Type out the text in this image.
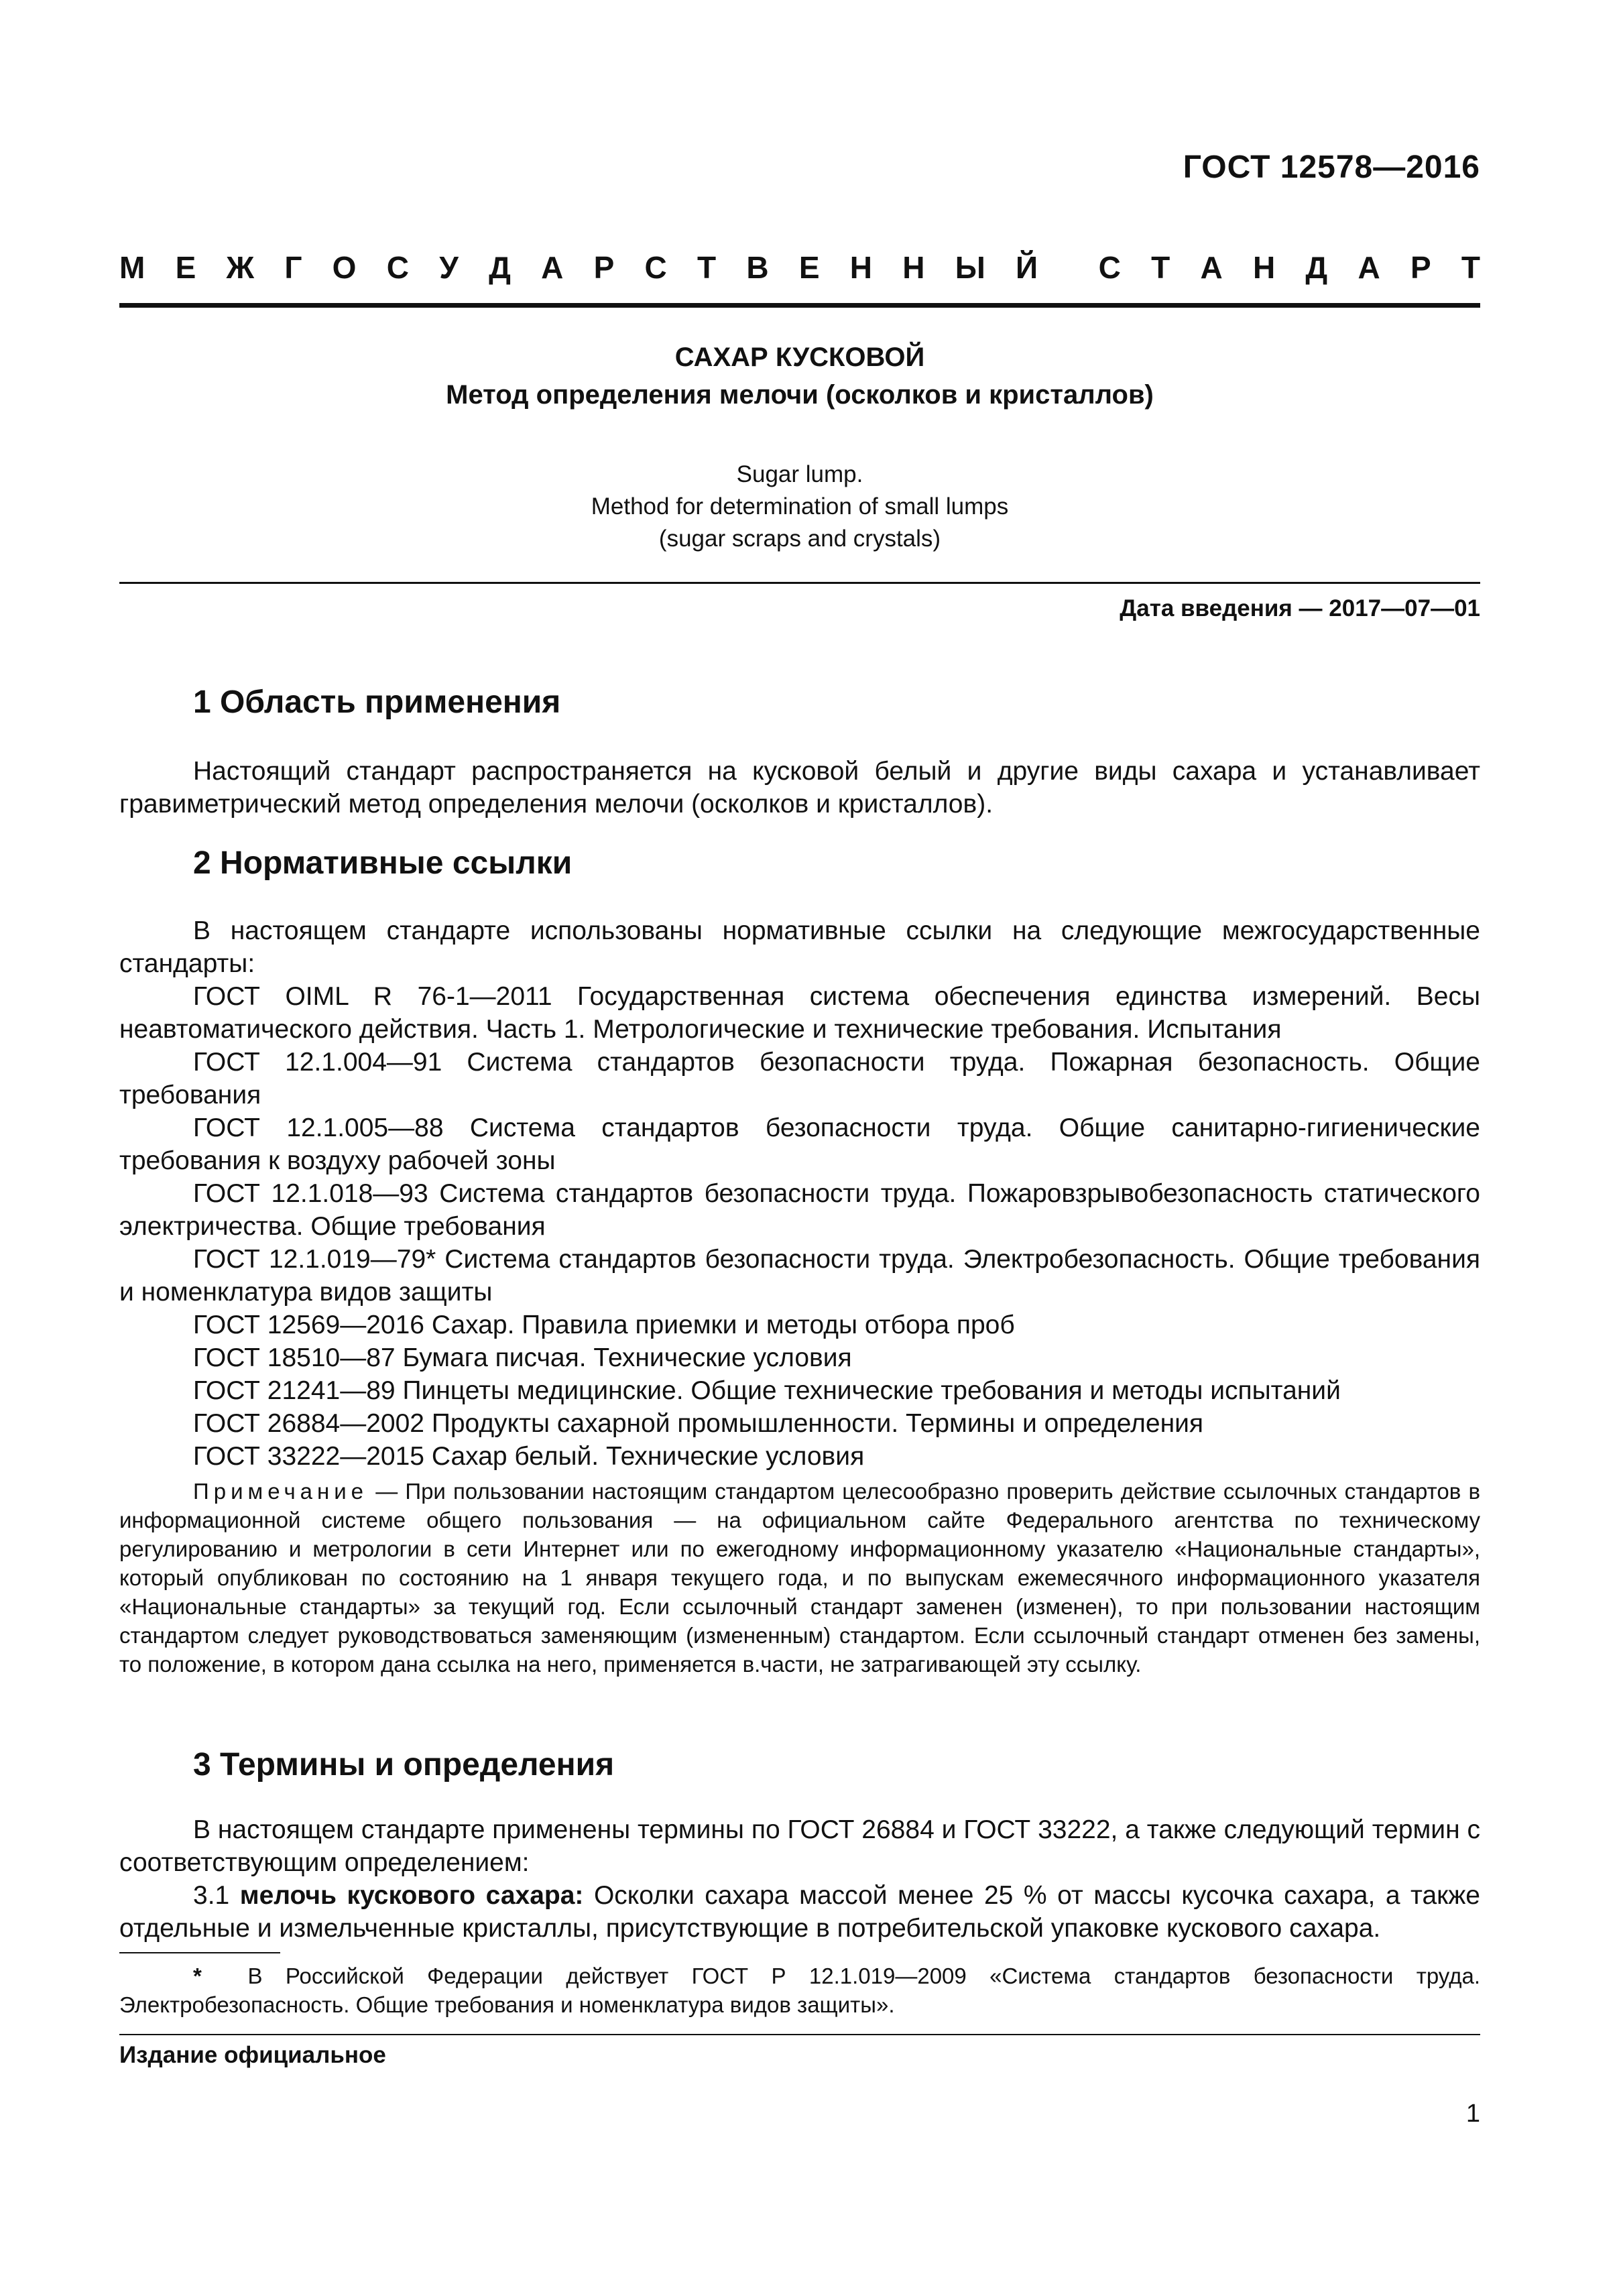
ГОСТ 12578—2016
М Е Ж Г О С У Д А Р С Т В Е Н Н Ы Й С Т А Н Д А Р Т
САХАР КУСКОВОЙ
Метод определения мелочи (осколков и кристаллов)
Sugar lump.
Method for determination of small lumps
(sugar scraps and crystals)
Дата введения — 2017—07—01
1 Область применения

Настоящий стандарт распространяется на кусковой белый и другие виды сахара и устанавливает гравиметрический метод определения мелочи (осколков и кристаллов).

2 Нормативные ссылки

В настоящем стандарте использованы нормативные ссылки на следующие межгосударственные стандарты:

ГОСТ OIML R 76-1—2011 Государственная система обеспечения единства измерений. Весы неавтоматического действия. Часть 1. Метрологические и технические требования. Испытания

ГОСТ 12.1.004—91 Система стандартов безопасности труда. Пожарная безопасность. Общие требования

ГОСТ 12.1.005—88 Система стандартов безопасности труда. Общие санитарно-гигиенические требования к воздуху рабочей зоны

ГОСТ 12.1.018—93 Система стандартов безопасности труда. Пожаровзрывобезопасность статического электричества. Общие требования

ГОСТ 12.1.019—79* Система стандартов безопасности труда. Электробезопасность. Общие требования и номенклатура видов защиты

ГОСТ 12569—2016 Сахар. Правила приемки и методы отбора проб

ГОСТ 18510—87 Бумага писчая. Технические условия

ГОСТ 21241—89 Пинцеты медицинские. Общие технические требования и методы испытаний

ГОСТ 26884—2002 Продукты сахарной промышленности. Термины и определения

ГОСТ 33222—2015 Сахар белый. Технические условия

Примечание — При пользовании настоящим стандартом целесообразно проверить действие ссылочных стандартов в информационной системе общего пользования — на официальном сайте Федерального агентства по техническому регулированию и метрологии в сети Интернет или по ежегодному информационному указателю «Национальные стандарты», который опубликован по состоянию на 1 января текущего года, и по выпускам ежемесячного информационного указателя «Национальные стандарты» за текущий год. Если ссылочный стандарт заменен (изменен), то при пользовании настоящим стандартом следует руководствоваться заменяющим (измененным) стандартом. Если ссылочный стандарт отменен без замены, то положение, в котором дана ссылка на него, применяется в.части, не затрагивающей эту ссылку.

3 Термины и определения

В настоящем стандарте применены термины по ГОСТ 26884 и ГОСТ 33222, а также следующий термин с соответствующим определением:

3.1 мелочь кускового сахара: Осколки сахара массой менее 25 % от массы кусочка сахара, а также отдельные и измельченные кристаллы, присутствующие в потребительской упаковке кускового сахара.

* В Российской Федерации действует ГОСТ Р 12.1.019—2009 «Система стандартов безопасности труда. Электробезопасность. Общие требования и номенклатура видов защиты».

Издание официальное
1
